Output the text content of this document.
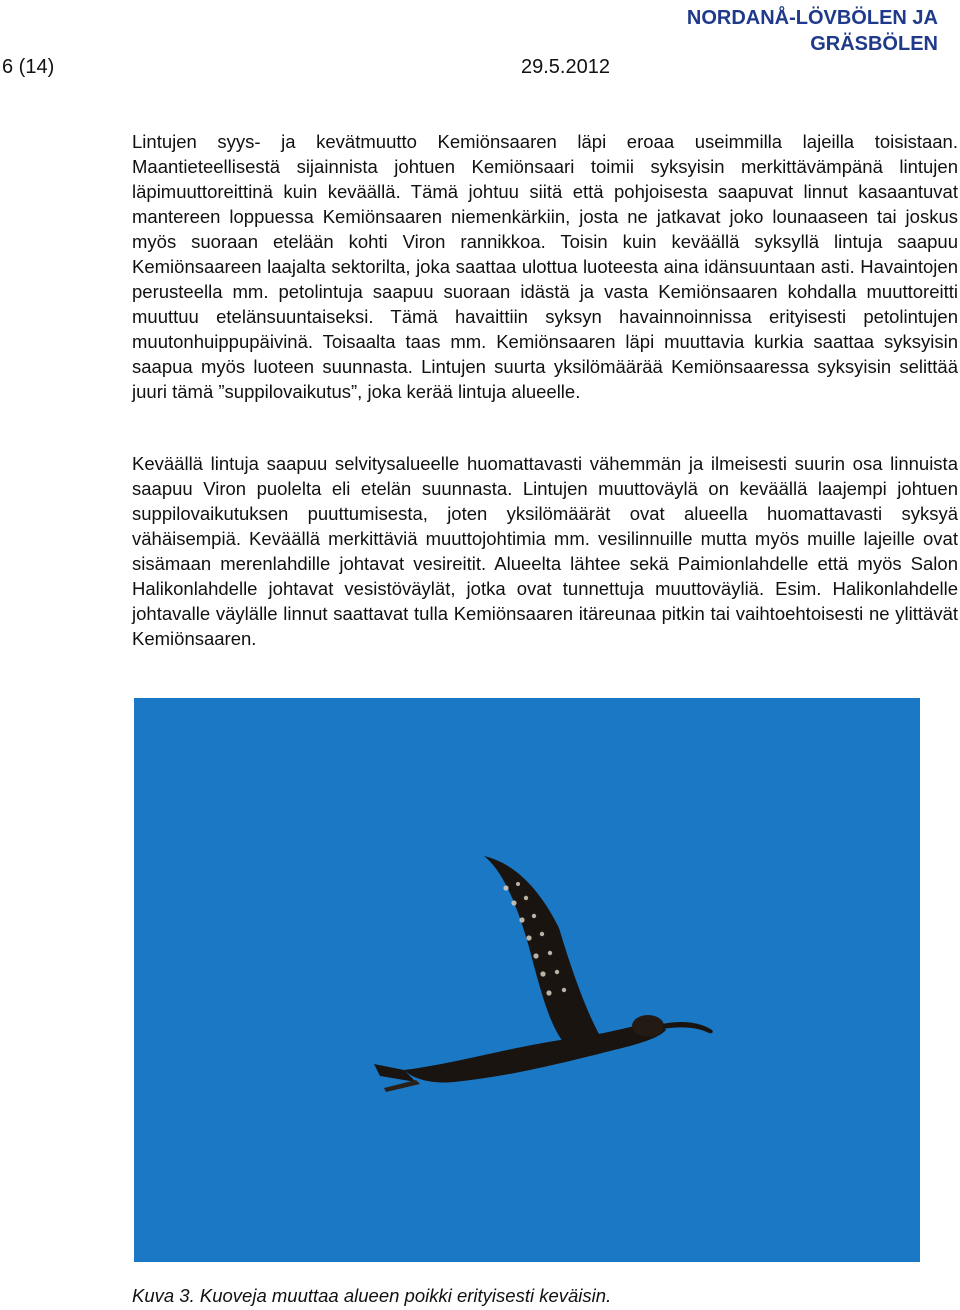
6 (14)	29.5.2012
NORDANÅ-LÖVBÖLEN JA GRÄSBÖLEN

Lintujen syys- ja kevätmuutto Kemiönsaaren läpi eroaa useimmilla lajeilla toisistaan. Maantieteellisestä sijainnista johtuen Kemiönsaari toimii syksyisin merkittävämpänä lintujen läpimuuttoreittinä kuin keväällä. Tämä johtuu siitä että pohjoisesta saapuvat linnut kasaantuvat mantereen loppuessa Kemiönsaaren niemenkärkiin, josta ne jatkavat joko lounaaseen tai joskus myös suoraan etelään kohti Viron rannikkoa. Toisin kuin keväällä syksyllä lintuja saapuu Kemiönsaareen laajalta sektorilta, joka saattaa ulottua luoteesta aina idänsuuntaan asti. Havaintojen perusteella mm. petolintuja saapuu suoraan idästä ja vasta Kemiönsaaren kohdalla muuttoreitti muuttuu etelänsuuntaiseksi. Tämä havaittiin syksyn havainnoinnissa erityisesti petolintujen muutonhuippupäivinä. Toisaalta taas mm. Kemiönsaaren läpi muuttavia kurkia saattaa syksyisin saapua myös luoteen suunnasta. Lintujen suurta yksilömäärää Kemiönsaaressa syksyisin selittää juuri tämä ”suppilovaikutus”, joka kerää lintuja alueelle.

Keväällä lintuja saapuu selvitysalueelle huomattavasti vähemmän ja ilmeisesti suurin osa linnuista saapuu Viron puolelta eli etelän suunnasta. Lintujen muuttoväylä on keväällä laajempi johtuen suppilovaikutuksen puuttumisesta, joten yksilömäärät ovat alueella huomattavasti syksyä vähäisempiä. Keväällä merkittäviä muuttojohtimia mm. vesilinnuille mutta myös muille lajeille ovat sisämaan merenlahdille johtavat vesireitit. Alueelta lähtee sekä Paimionlahdelle että myös Salon Halikonlahdelle johtavat vesistöväylät, jotka ovat tunnettuja muuttoväyliä. Esim. Halikonlahdelle johtavalle väylälle linnut saattavat tulla Kemiönsaaren itäreunaa pitkin tai vaihtoehtoisesti ne ylittävät Kemiönsaaren.

Kuva 3. Kuoveja muuttaa alueen poikki erityisesti keväisin.
